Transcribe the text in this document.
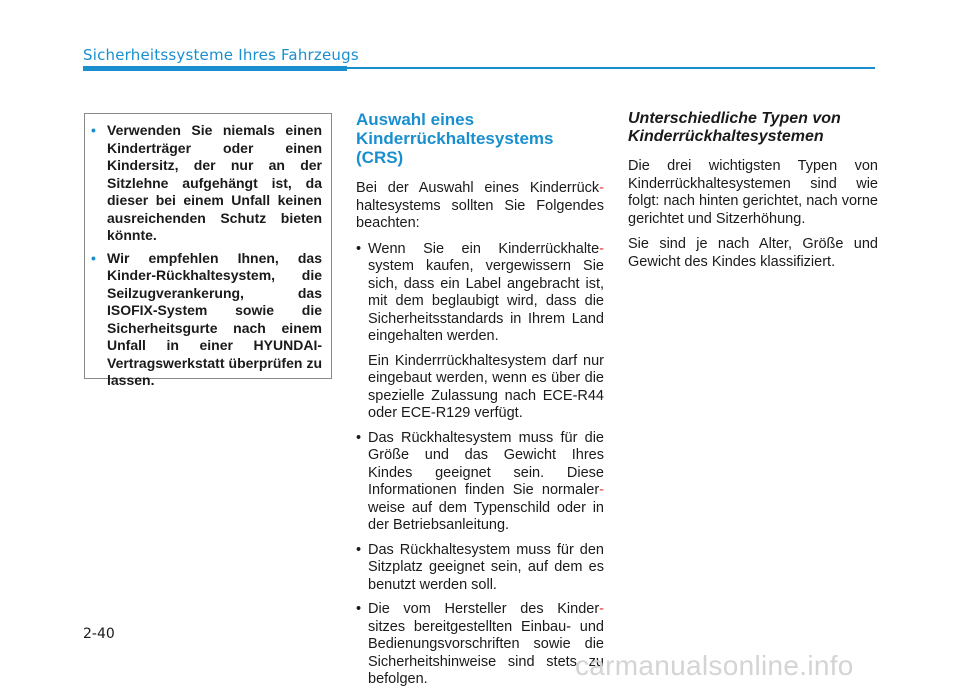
Sicherheitssysteme Ihres Fahrzeugs
• Verwenden Sie niemals einen Kinderträger oder einen Kindersitz, der nur an der Sitzlehne aufgehängt ist, da dieser bei einem Unfall keinen ausreichenden Schutz bieten könnte.
• Wir empfehlen Ihnen, das Kinder-Rückhaltesystem, die Seilzugverankerung, das ISOFIX-System sowie die Sicherheitsgurte nach einem Unfall in einer HYUNDAI-Vertragswerkstatt überprüfen zu lassen.
Auswahl eines Kinderrückhaltesystems (CRS)

Bei der Auswahl eines Kinderrück- haltesystems sollten Sie Folgendes beachten:

• Wenn Sie ein Kinderrückhalte- system kaufen, vergewissern Sie sich, dass ein Label angebracht ist, mit dem beglaubigt wird, dass die Sicherheitsstandards in Ihrem Land eingehalten werden.
Ein Kinderrrückhaltesystem darf nur eingebaut werden, wenn es über die spezielle Zulassung nach ECE-R44 oder ECE-R129 verfügt.
• Das Rückhaltesystem muss für die Größe und das Gewicht Ihres Kindes geeignet sein. Diese Informationen finden Sie normaler- weise auf dem Typenschild oder in der Betriebsanleitung.
• Das Rückhaltesystem muss für den Sitzplatz geeignet sein, auf dem es benutzt werden soll.
• Die vom Hersteller des Kinder- sitzes bereitgestellten Einbau- und Bedienungsvorschriften sowie die Sicherheitshinweise sind stets zu befolgen.
Unterschiedliche Typen von Kinderrückhaltesystemen

Die drei wichtigsten Typen von Kinderrückhaltesystemen sind wie folgt: nach hinten gerichtet, nach vorne gerichtet und Sitzerhöhung.

Sie sind je nach Alter, Größe und Gewicht des Kindes klassifiziert.

2-40
carmanualsonline.info
